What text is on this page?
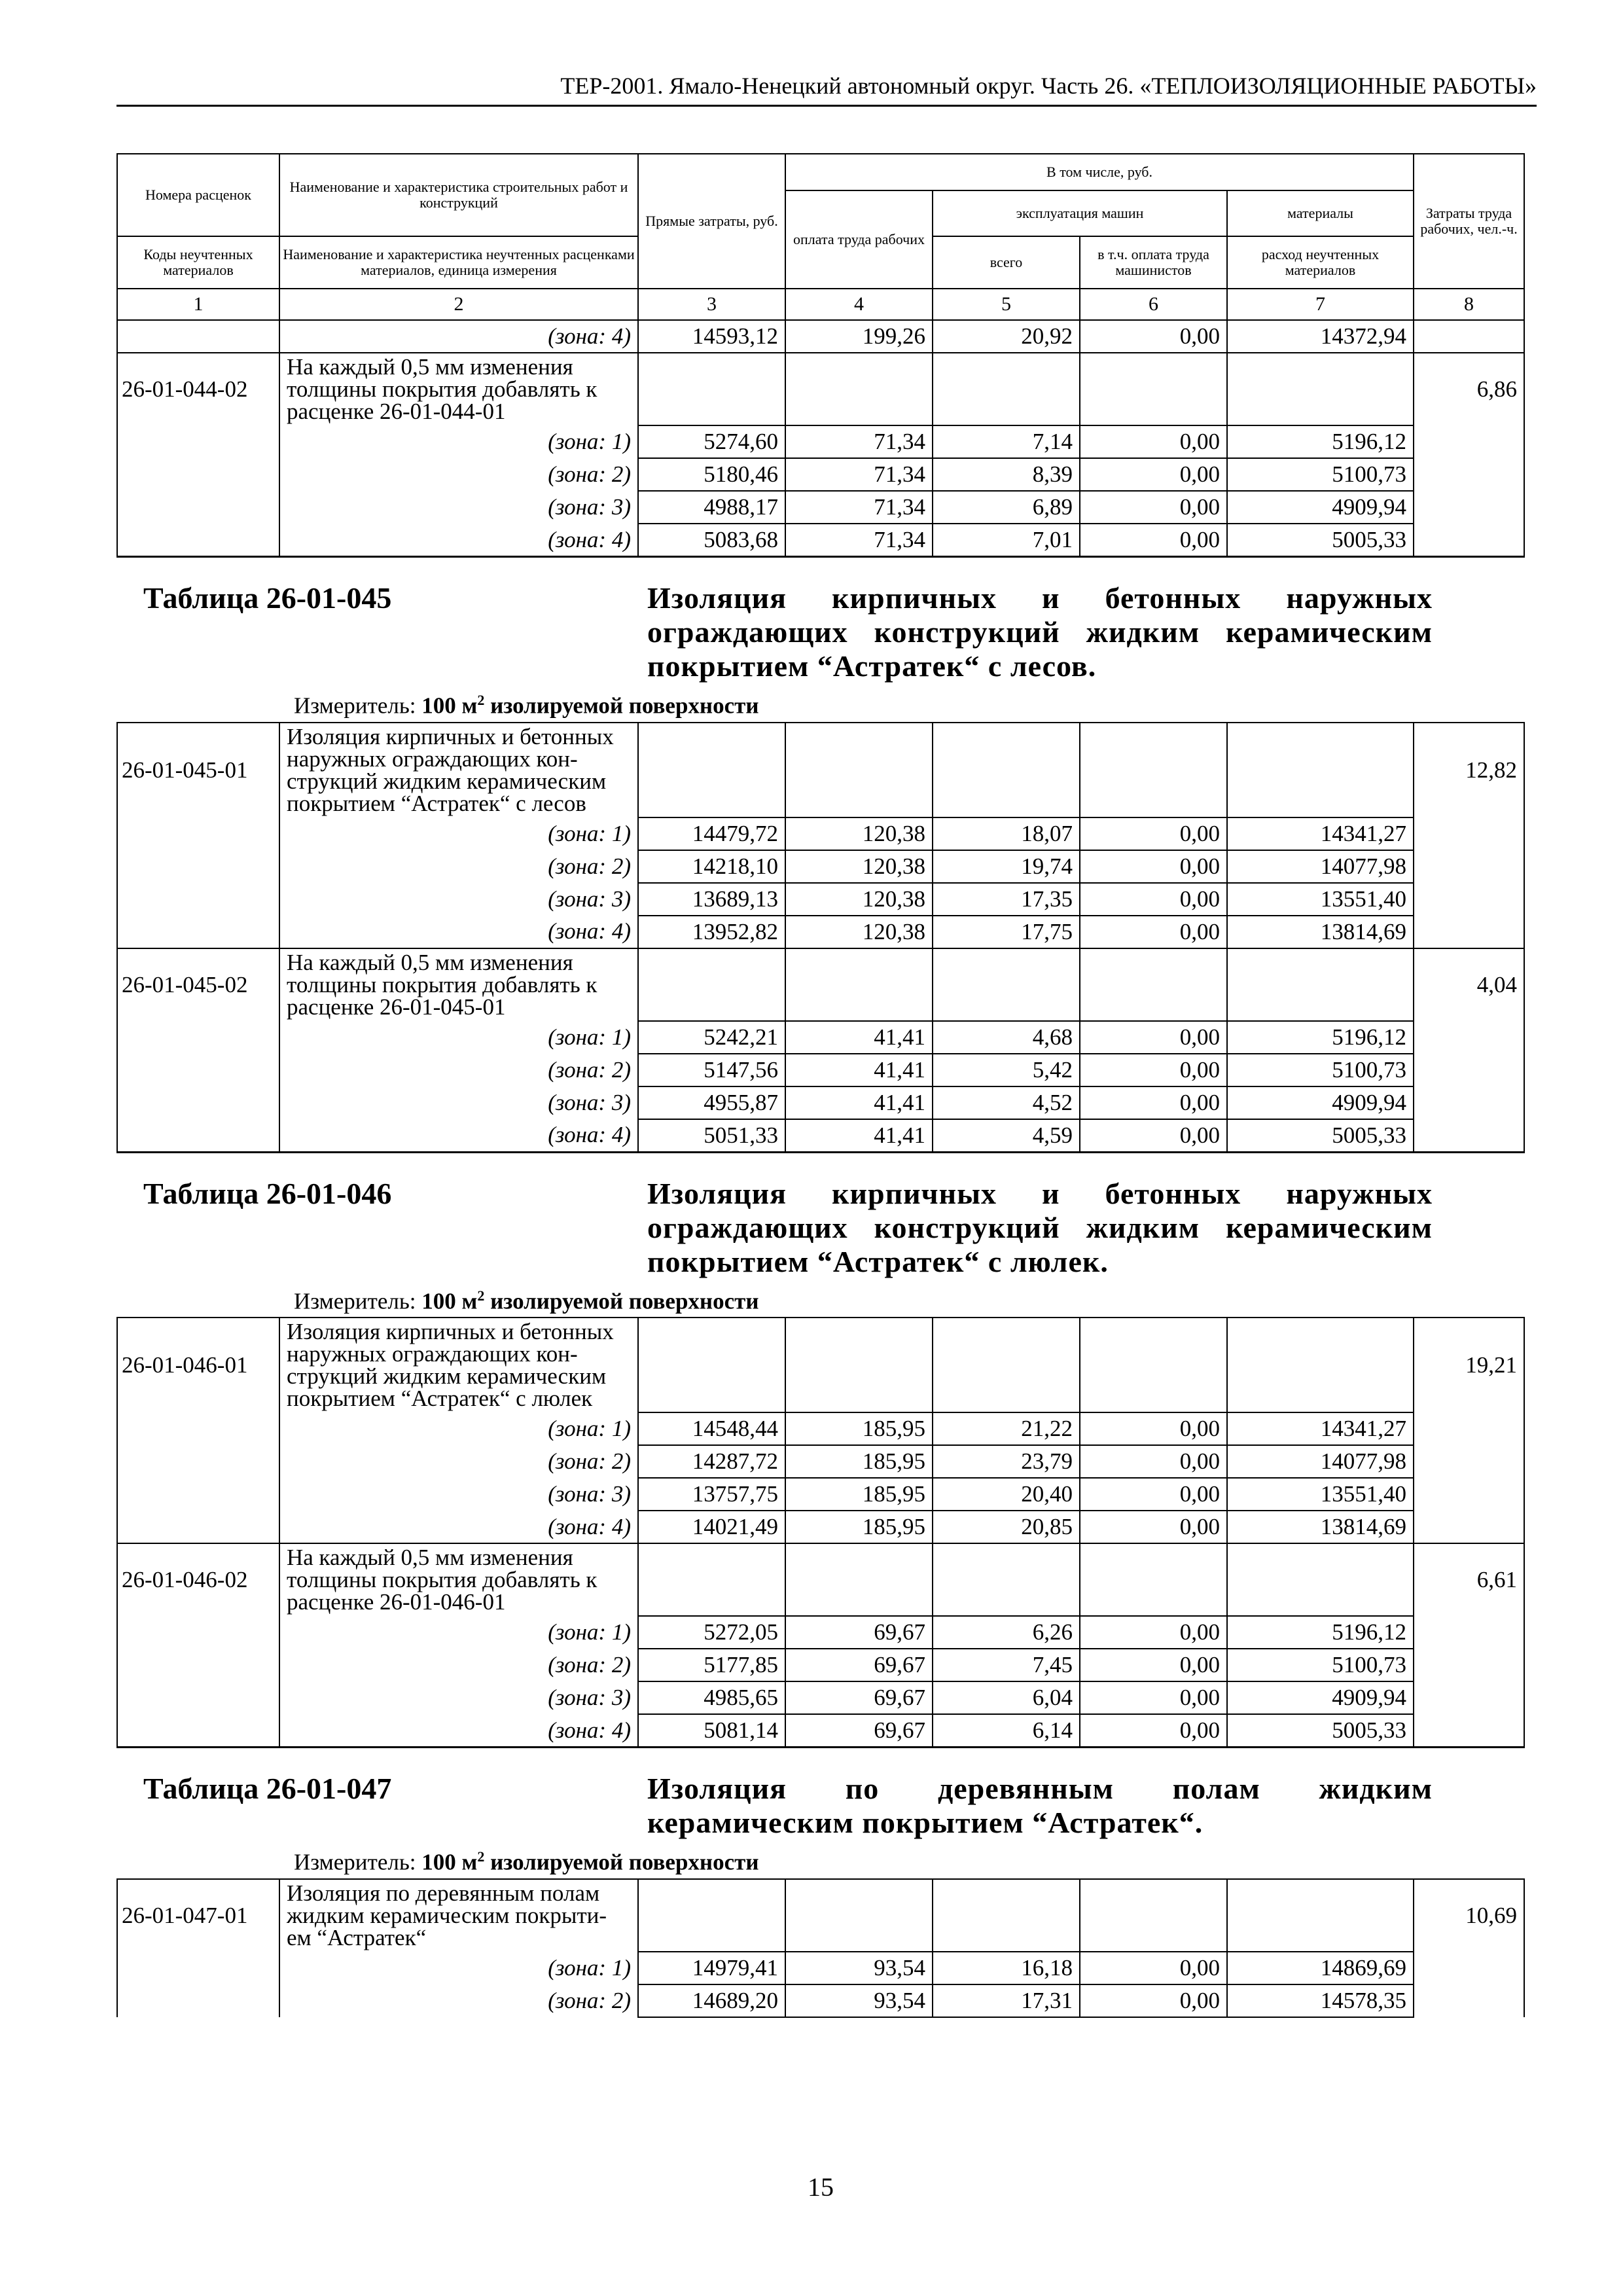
ТЕР-2001. Ямало-Ненецкий автономный округ. Часть 26. «ТЕПЛОИЗОЛЯЦИОННЫЕ РАБОТЫ»
Номера расценок	Наименование и характеристика строительных работ и конструкций	Прямые затраты, руб.	В том числе, руб.				Затраты труда рабочих, чел.-ч.
			оплата труда рабочих	эксплуатация машин		материалы	
Коды неучтенных материалов	Наименование и характеристика неучтенных расценками материалов, единица измерения			всего	в т.ч. оплата труда машинистов	расход неучтенных материалов	
1	2	3	4	5	6	7	8
	(зона: 4)	14593,12	199,26	20,92	0,00	14372,94	
26-01-044-02	На каждый 0,5 мм изменения
толщины покрытия добавлять к
расценке 26-01-044-01						6,86
	(зона: 1)	5274,60	71,34	7,14	0,00	5196,12	
	(зона: 2)	5180,46	71,34	8,39	0,00	5100,73	
	(зона: 3)	4988,17	71,34	6,89	0,00	4909,94	
	(зона: 4)	5083,68	71,34	7,01	0,00	5005,33	

Таблица 26-01-045 Изоляция кирпичных и бетонных наружных ограждающих конструкций жидким керамическим покрытием “Астратек“ с лесов.							

Измеритель: 100 $м^2$ изолируемой поверхности							
26-01-045-01	Изоляция кирпичных и бетонных
наружных ограждающих кон-
струкций жидким керамическим
покрытием “Астратек“ с лесов						12,82
	(зона: 1)	14479,72	120,38	18,07	0,00	14341,27	
	(зона: 2)	14218,10	120,38	19,74	0,00	14077,98	
	(зона: 3)	13689,13	120,38	17,35	0,00	13551,40	
	(зона: 4)	13952,82	120,38	17,75	0,00	13814,69	
26-01-045-02	На каждый 0,5 мм изменения
толщины покрытия добавлять к
расценке 26-01-045-01						4,04
	(зона: 1)	5242,21	41,41	4,68	0,00	5196,12	
	(зона: 2)	5147,56	41,41	5,42	0,00	5100,73	
	(зона: 3)	4955,87	41,41	4,52	0,00	4909,94	
	(зона: 4)	5051,33	41,41	4,59	0,00	5005,33	

Таблица 26-01-046 Изоляция кирпичных и бетонных наружных ограждающих конструкций жидким керамическим покрытием “Астратек“ с люлек.							

Измеритель: 100 $м^2$ изолируемой поверхности							
26-01-046-01	Изоляция кирпичных и бетонных
наружных ограждающих кон-
струкций жидким керамическим
покрытием “Астратек“ с люлек						19,21
	(зона: 1)	14548,44	185,95	21,22	0,00	14341,27	
	(зона: 2)	14287,72	185,95	23,79	0,00	14077,98	
	(зона: 3)	13757,75	185,95	20,40	0,00	13551,40	
	(зона: 4)	14021,49	185,95	20,85	0,00	13814,69	
26-01-046-02	На каждый 0,5 мм изменения
толщины покрытия добавлять к
расценке 26-01-046-01						6,61
	(зона: 1)	5272,05	69,67	6,26	0,00	5196,12	
	(зона: 2)	5177,85	69,67	7,45	0,00	5100,73	
	(зона: 3)	4985,65	69,67	6,04	0,00	4909,94	
	(зона: 4)	5081,14	69,67	6,14	0,00	5005,33	

Таблица 26-01-047 Изоляция по деревянным полам жидким керамическим покрытием “Астратек“.							

Измеритель: 100 $м^2$ изолируемой поверхности							
26-01-047-01	Изоляция по деревянным полам
жидким керамическим покрыти-
ем “Астратек“						10,69
	(зона: 1)	14979,41	93,54	16,18	0,00	14869,69	
	(зона: 2)	14689,20	93,54	17,31	0,00	14578,35	
15
